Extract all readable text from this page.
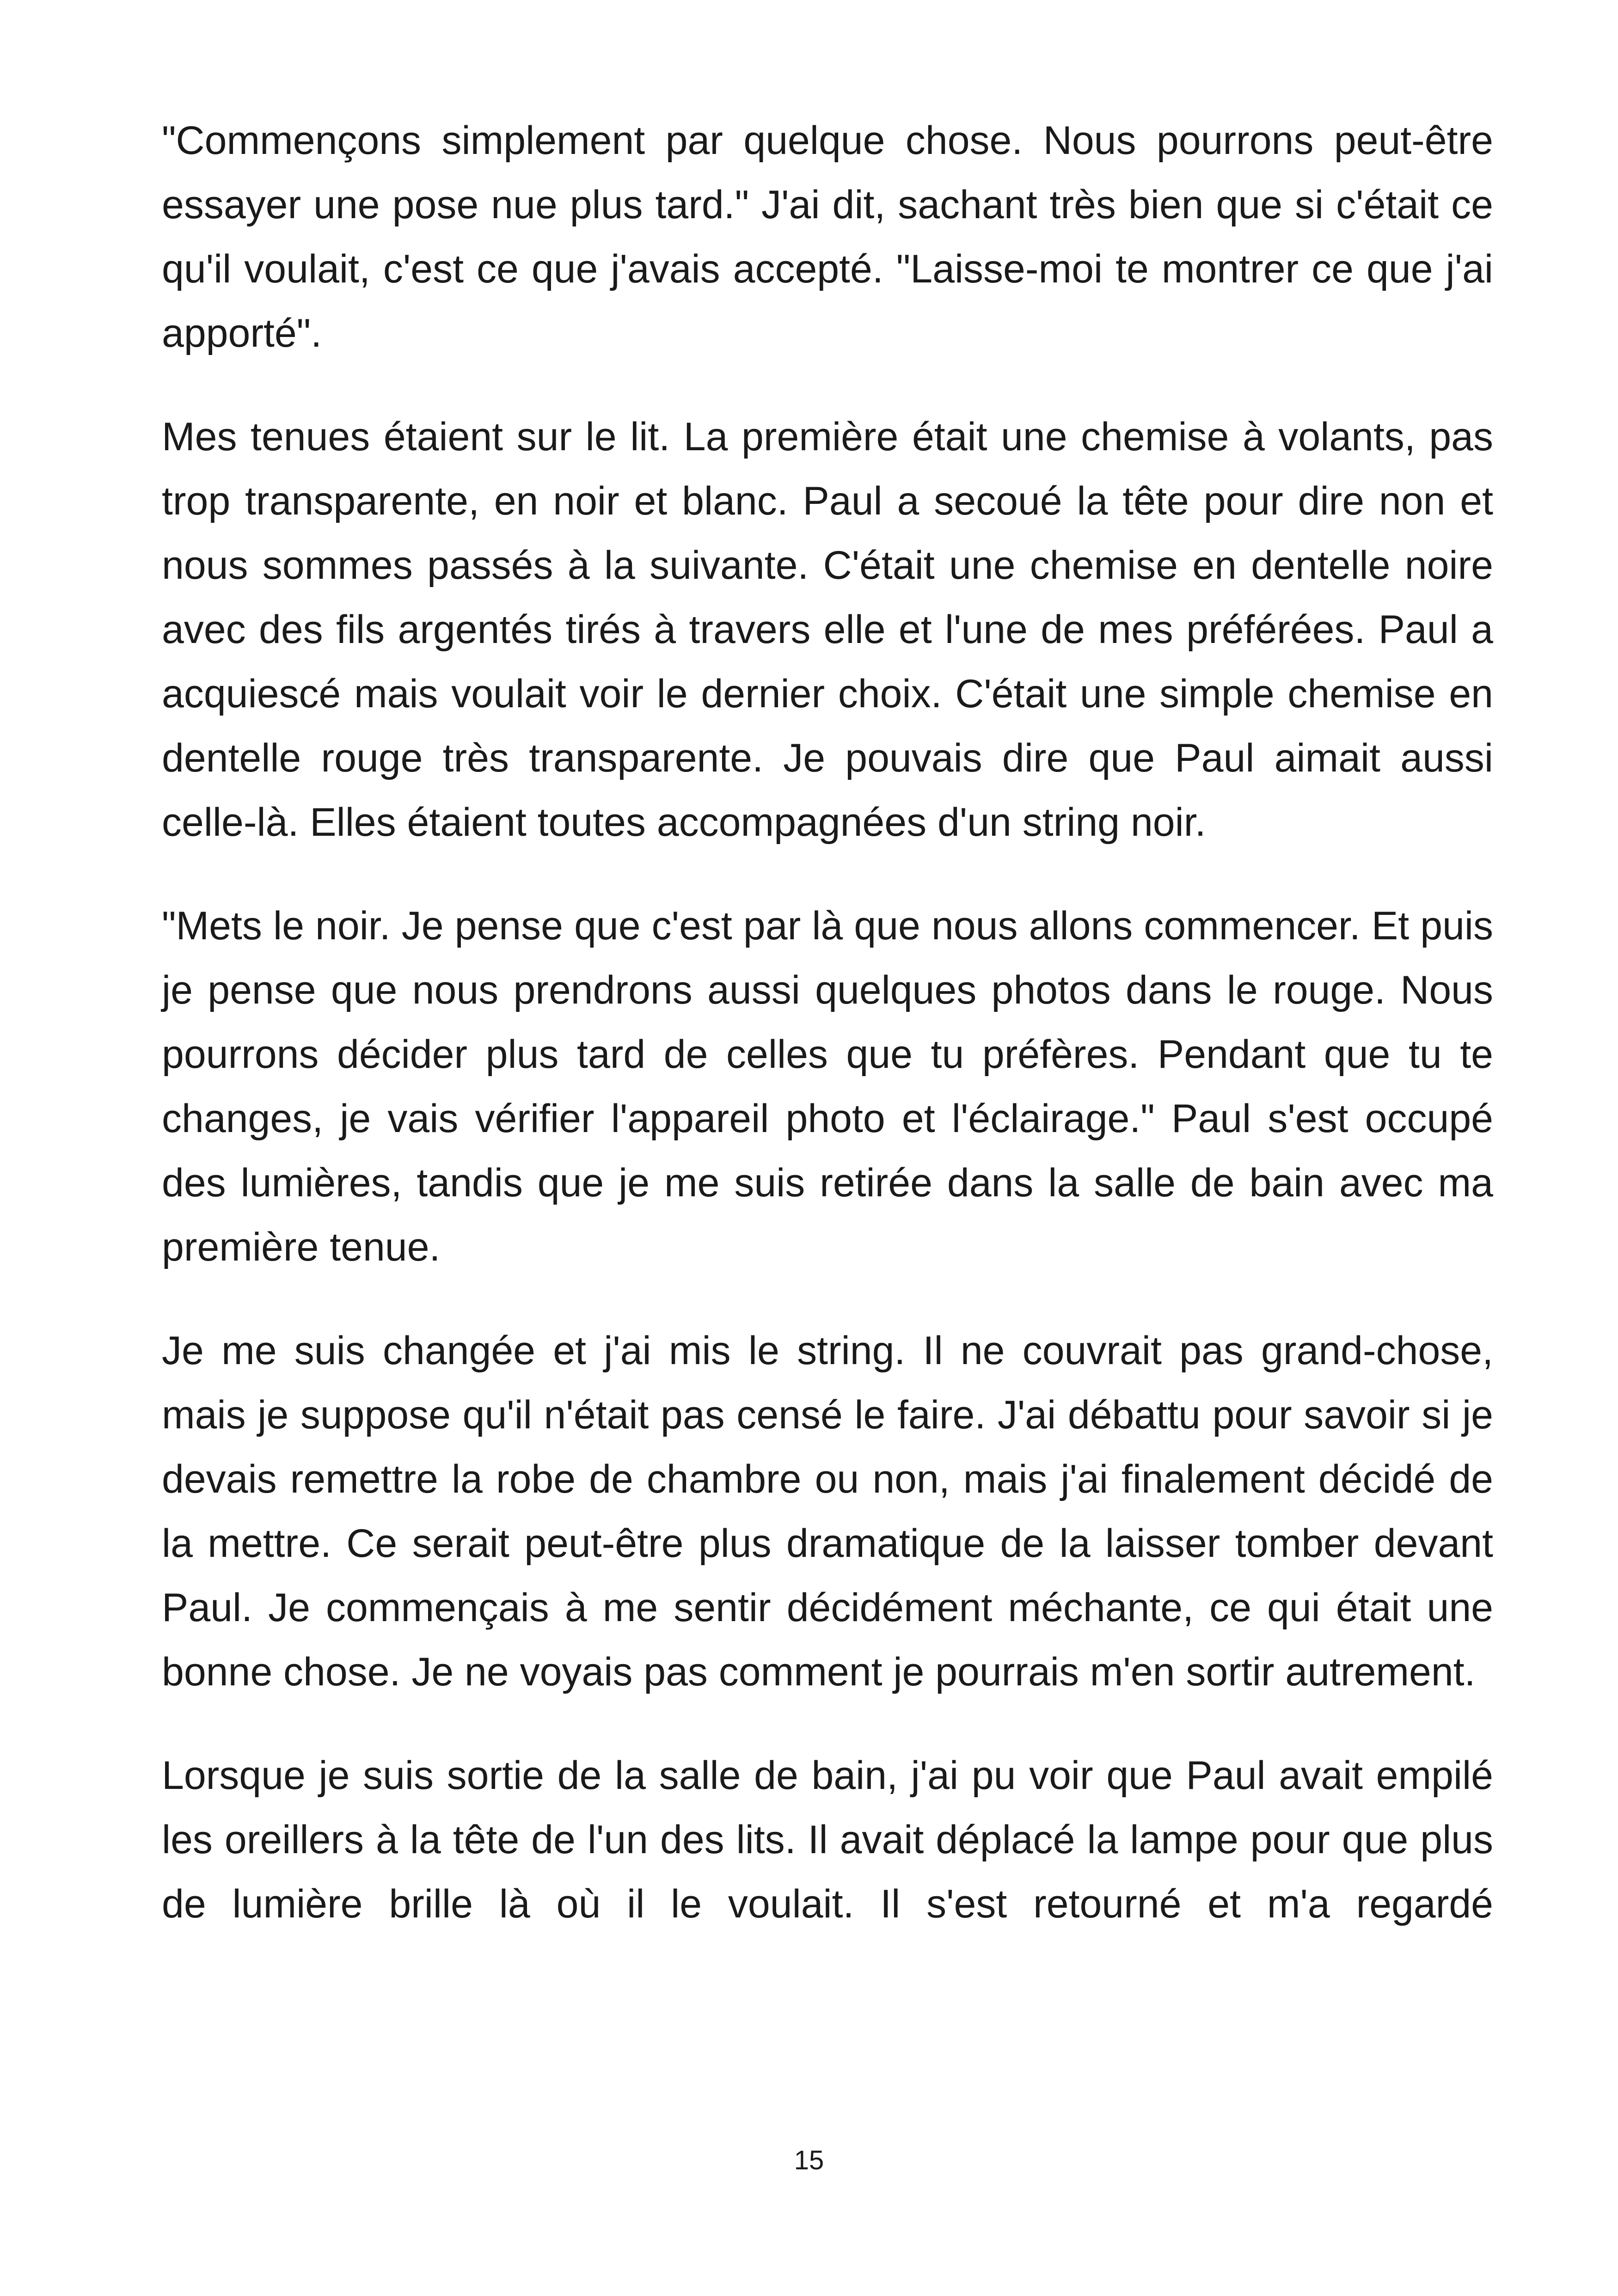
"Commençons simplement par quelque chose. Nous pourrons peut-être essayer une pose nue plus tard." J'ai dit, sachant très bien que si c'était ce qu'il voulait, c'est ce que j'avais accepté. "Laisse-moi te montrer ce que j'ai apporté".

Mes tenues étaient sur le lit. La première était une chemise à volants, pas trop transparente, en noir et blanc. Paul a secoué la tête pour dire non et nous sommes passés à la suivante. C'était une chemise en dentelle noire avec des fils argentés tirés à travers elle et l'une de mes préférées. Paul a acquiescé mais voulait voir le dernier choix. C'était une simple chemise en dentelle rouge très transparente. Je pouvais dire que Paul aimait aussi celle-là. Elles étaient toutes accompagnées d'un string noir.

"Mets le noir. Je pense que c'est par là que nous allons commencer. Et puis je pense que nous prendrons aussi quelques photos dans le rouge. Nous pourrons décider plus tard de celles que tu préfères. Pendant que tu te changes, je vais vérifier l'appareil photo et l'éclairage." Paul s'est occupé des lumières, tandis que je me suis retirée dans la salle de bain avec ma première tenue.

Je me suis changée et j'ai mis le string. Il ne couvrait pas grand-chose, mais je suppose qu'il n'était pas censé le faire. J'ai débattu pour savoir si je devais remettre la robe de chambre ou non, mais j'ai finalement décidé de la mettre. Ce serait peut-être plus dramatique de la laisser tomber devant Paul. Je commençais à me sentir décidément méchante, ce qui était une bonne chose. Je ne voyais pas comment je pourrais m'en sortir autrement.

Lorsque je suis sortie de la salle de bain, j'ai pu voir que Paul avait empilé les oreillers à la tête de l'un des lits. Il avait déplacé la lampe pour que plus de lumière brille là où il le voulait. Il s'est retourné et m'a regardé

15
